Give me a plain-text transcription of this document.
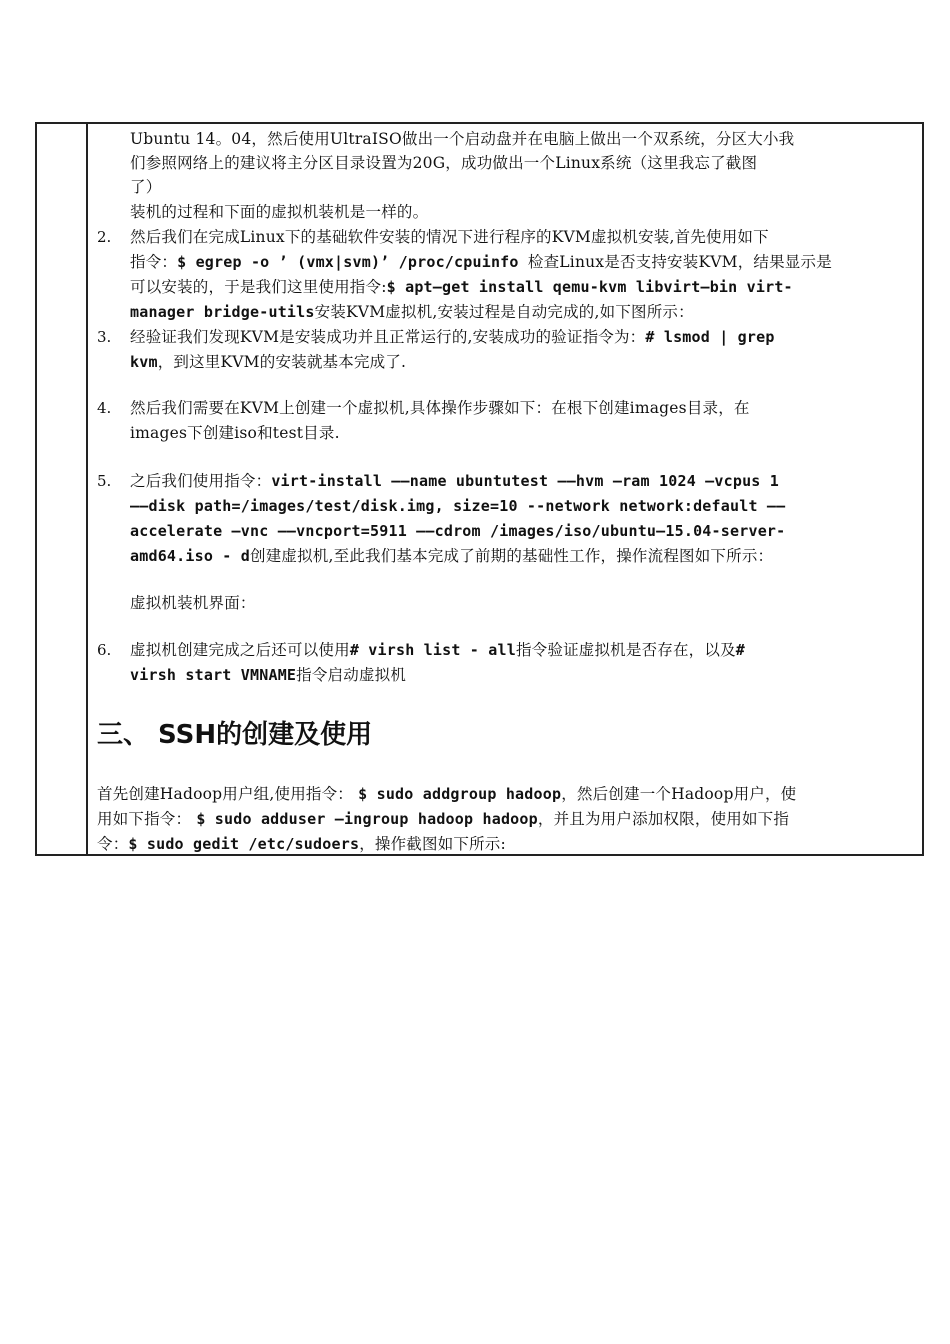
Ubuntu 14。04，然后使用UltraISO做出一个启动盘并在电脑上做出一个双系统，分区大小我
们参照网络上的建议将主分区目录设置为20G，成功做出一个Linux系统（这里我忘了截图
了）
装机的过程和下面的虚拟机装机是一样的。
然后我们在完成Linux下的基础软件安装的情况下进行程序的KVM虚拟机安装,首先使用如下
指令：$ egrep -o ’ (vmx|svm)’ /proc/cpuinfo 检查Linux是否支持安装KVM，结果显示是
可以安装的，于是我们这里使用指令:$ apt—get install qemu-kvm libvirt—bin virt-
manager bridge-utils安装KVM虚拟机,安装过程是自动完成的,如下图所示：
经验证我们发现KVM是安装成功并且正常运行的,安装成功的验证指令为：# lsmod | grep
kvm，到这里KVM的安装就基本完成了.
然后我们需要在KVM上创建一个虚拟机,具体操作步骤如下：在根下创建images目录，在
images下创建iso和test目录.
之后我们使用指令：virt-install ——name ubuntutest ——hvm —ram 1024 —vcpus 1
——disk path=/images/test/disk.img, size=10 --network network:default ——
accelerate —vnc ——vncport=5911 ——cdrom /images/iso/ubuntu—15.04-server-
amd64.iso - d创建虚拟机,至此我们基本完成了前期的基础性工作，操作流程图如下所示：
虚拟机装机界面：
虚拟机创建完成之后还可以使用# virsh list - all指令验证虚拟机是否存在，以及#
virsh start VMNAME指令启动虚拟机
首先创建Hadoop用户组,使用指令： $ sudo addgroup hadoop，然后创建一个Hadoop用户，使
用如下指令： $ sudo adduser —ingroup hadoop hadoop，并且为用户添加权限，使用如下指
令：$ sudo gedit /etc/sudoers，操作截图如下所示:
2.
3.
4.
5.
6.
三、 SSH的创建及使用
